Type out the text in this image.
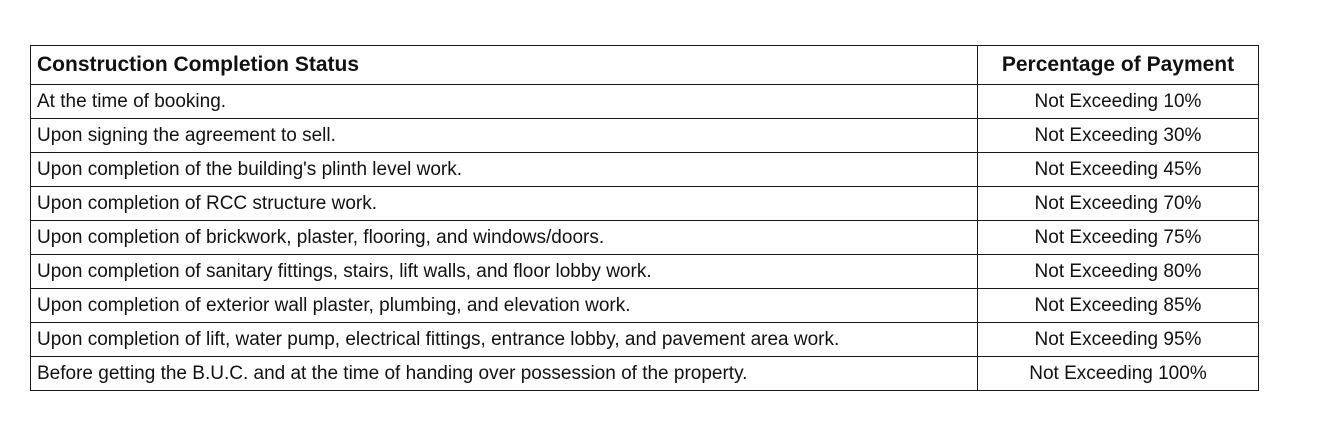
Construction Completion Status	Percentage of Payment
At the time of booking.	Not Exceeding 10%
Upon signing the agreement to sell.	Not Exceeding 30%
Upon completion of the building's plinth level work.	Not Exceeding 45%
Upon completion of RCC structure work.	Not Exceeding 70%
Upon completion of brickwork, plaster, flooring, and windows/doors.	Not Exceeding 75%
Upon completion of sanitary fittings, stairs, lift walls, and floor lobby work.	Not Exceeding 80%
Upon completion of exterior wall plaster, plumbing, and elevation work.	Not Exceeding 85%
Upon completion of lift, water pump, electrical fittings, entrance lobby, and pavement area work.	Not Exceeding 95%
Before getting the B.U.C. and at the time of handing over possession of the property.	Not Exceeding 100%
